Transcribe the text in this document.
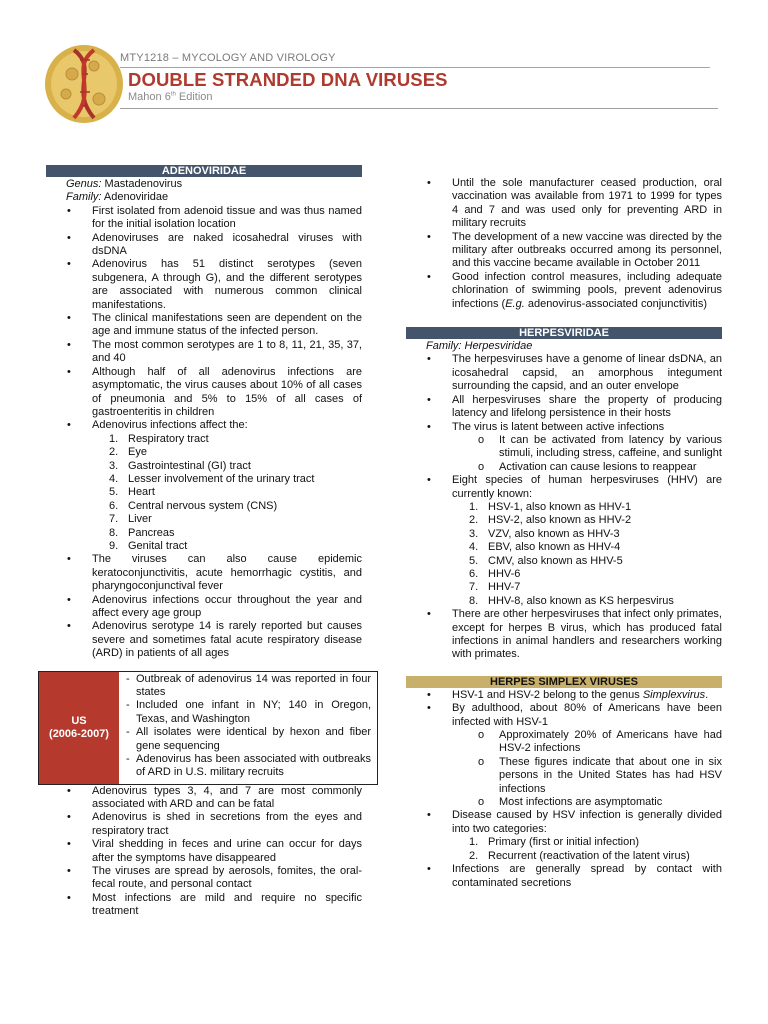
MTY1218 – MYCOLOGY AND VIROLOGY
DOUBLE STRANDED DNA VIRUSES
Mahon 6th Edition
ADENOVIRIDAE
Genus: Mastadenovirus
Family: Adenoviridae
• First isolated from adenoid tissue and was thus named for the initial isolation location
• Adenoviruses are naked icosahedral viruses with dsDNA
• Adenovirus has 51 distinct serotypes (seven subgenera, A through G), and the different serotypes are associated with numerous common clinical manifestations.
• The clinical manifestations seen are dependent on the age and immune status of the infected person.
• The most common serotypes are 1 to 8, 11, 21, 35, 37, and 40
• Although half of all adenovirus infections are asymptomatic, the virus causes about 10% of all cases of pneumonia and 5% to 15% of all cases of gastroenteritis in children
• Adenovirus infections affect the:
1. Respiratory tract
2. Eye
3. Gastrointestinal (GI) tract
4. Lesser involvement of the urinary tract
5. Heart
6. Central nervous system (CNS)
7. Liver
8. Pancreas
9. Genital tract
• The viruses can also cause epidemic keratoconjunctivitis, acute hemorrhagic cystitis, and pharyngoconjunctival fever
• Adenovirus infections occur throughout the year and affect every age group
• Adenovirus serotype 14 is rarely reported but causes severe and sometimes fatal acute respiratory disease (ARD) in patients of all ages
US
(2006-2007)
- Outbreak of adenovirus 14 was reported in four states
- Included one infant in NY; 140 in Oregon, Texas, and Washington
- All isolates were identical by hexon and fiber gene sequencing
- Adenovirus has been associated with outbreaks of ARD in U.S. military recruits
• Adenovirus types 3, 4, and 7 are most commonly associated with ARD and can be fatal
• Adenovirus is shed in secretions from the eyes and respiratory tract
• Viral shedding in feces and urine can occur for days after the symptoms have disappeared
• The viruses are spread by aerosols, fomites, the oral-fecal route, and personal contact
• Most infections are mild and require no specific treatment
• Until the sole manufacturer ceased production, oral vaccination was available from 1971 to 1999 for types 4 and 7 and was used only for preventing ARD in military recruits
• The development of a new vaccine was directed by the military after outbreaks occurred among its personnel, and this vaccine became available in October 2011
• Good infection control measures, including adequate chlorination of swimming pools, prevent adenovirus infections (E.g. adenovirus-associated conjunctivitis)
HERPESVIRIDAE
Family: Herpesviridae
• The herpesviruses have a genome of linear dsDNA, an icosahedral capsid, an amorphous integument surrounding the capsid, and an outer envelope
• All herpesviruses share the property of producing latency and lifelong persistence in their hosts
• The virus is latent between active infections
o It can be activated from latency by various stimuli, including stress, caffeine, and sunlight
o Activation can cause lesions to reappear
• Eight species of human herpesviruses (HHV) are currently known:
1. HSV-1, also known as HHV-1
2. HSV-2, also known as HHV-2
3. VZV, also known as HHV-3
4. EBV, also known as HHV-4
5. CMV, also known as HHV-5
6. HHV-6
7. HHV-7
8. HHV-8, also known as KS herpesvirus
• There are other herpesviruses that infect only primates, except for herpes B virus, which has produced fatal infections in animal handlers and researchers working with primates.
HERPES SIMPLEX VIRUSES
• HSV-1 and HSV-2 belong to the genus Simplexvirus.
• By adulthood, about 80% of Americans have been infected with HSV-1
o Approximately 20% of Americans have had HSV-2 infections
o These figures indicate that about one in six persons in the United States has had HSV infections
o Most infections are asymptomatic
• Disease caused by HSV infection is generally divided into two categories:
1. Primary (first or initial infection)
2. Recurrent (reactivation of the latent virus)
• Infections are generally spread by contact with contaminated secretions
